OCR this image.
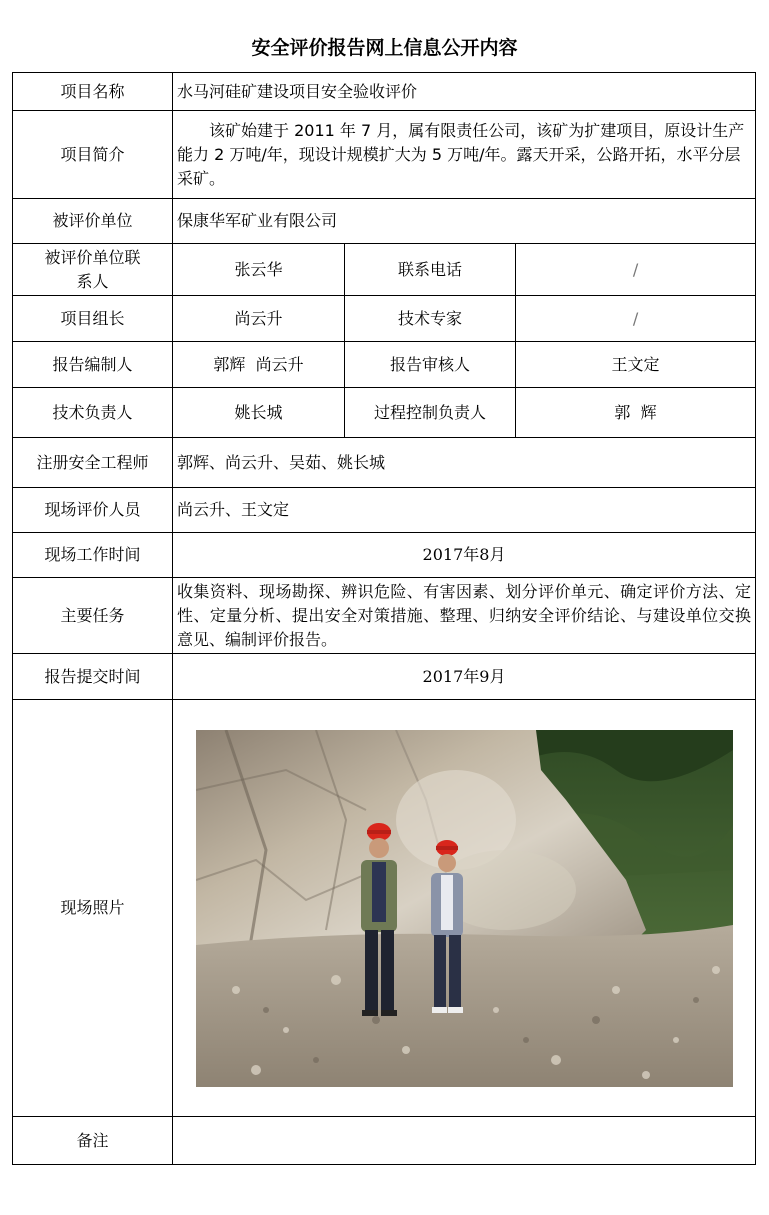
安全评价报告网上信息公开内容
项目名称	水马河硅矿建设项目安全验收评价		
项目简介	该矿始建于 2011 年 7 月，属有限责任公司，该矿为扩建项目，原设计生产能力 2 万吨/年，现设计规模扩大为 5 万吨/年。露天开采，公路开拓，水平分层采矿。		
被评价单位	保康华军矿业有限公司		
被评价单位联系人	张云华	联系电话	/
项目组长	尚云升	技术专家	/
报告编制人	郭辉  尚云升	报告审核人	王文定
技术负责人	姚长城	过程控制负责人	郭  辉
注册安全工程师	郭辉、尚云升、吴茹、姚长城		
现场评价人员	尚云升、王文定		
现场工作时间	2017年8月		
主要任务	收集资料、现场勘探、辨识危险、有害因素、划分评价单元、确定评价方法、定性、定量分析、提出安全对策措施、整理、归纳安全评价结论、与建设单位交换意见、编制评价报告。		
报告提交时间	2017年9月		
现场照片	

备注			
